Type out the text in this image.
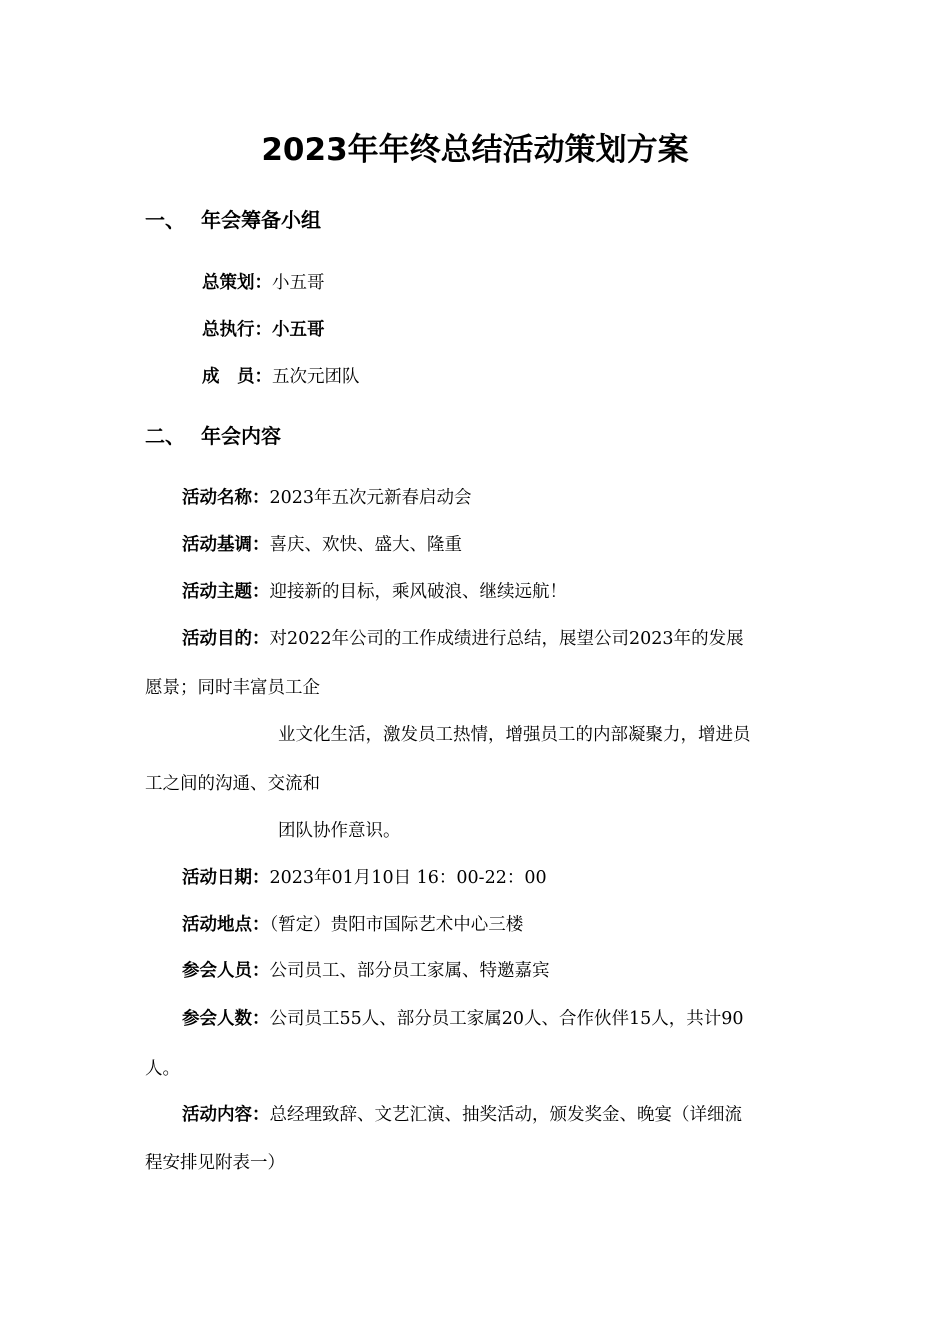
2023年年终总结活动策划方案
一、 年会筹备小组
总策划：小五哥
总执行：小五哥
成　员：五次元团队
二、 年会内容
活动名称：2023年五次元新春启动会
活动基调：喜庆、欢快、盛大、隆重
活动主题：迎接新的目标，乘风破浪、继续远航！
活动目的：对2022年公司的工作成绩进行总结，展望公司2023年的发展
愿景；同时丰富员工企
业文化生活，激发员工热情，增强员工的内部凝聚力，增进员
工之间的沟通、交流和
团队协作意识。
活动日期：2023年01月10日 16：00-22：00
活动地点：（暂定）贵阳市国际艺术中心三楼
参会人员：公司员工、部分员工家属、特邀嘉宾
参会人数：公司员工55人、部分员工家属20人、合作伙伴15人，共计90
人。
活动内容：总经理致辞、文艺汇演、抽奖活动，颁发奖金、晚宴（详细流
程安排见附表一）
